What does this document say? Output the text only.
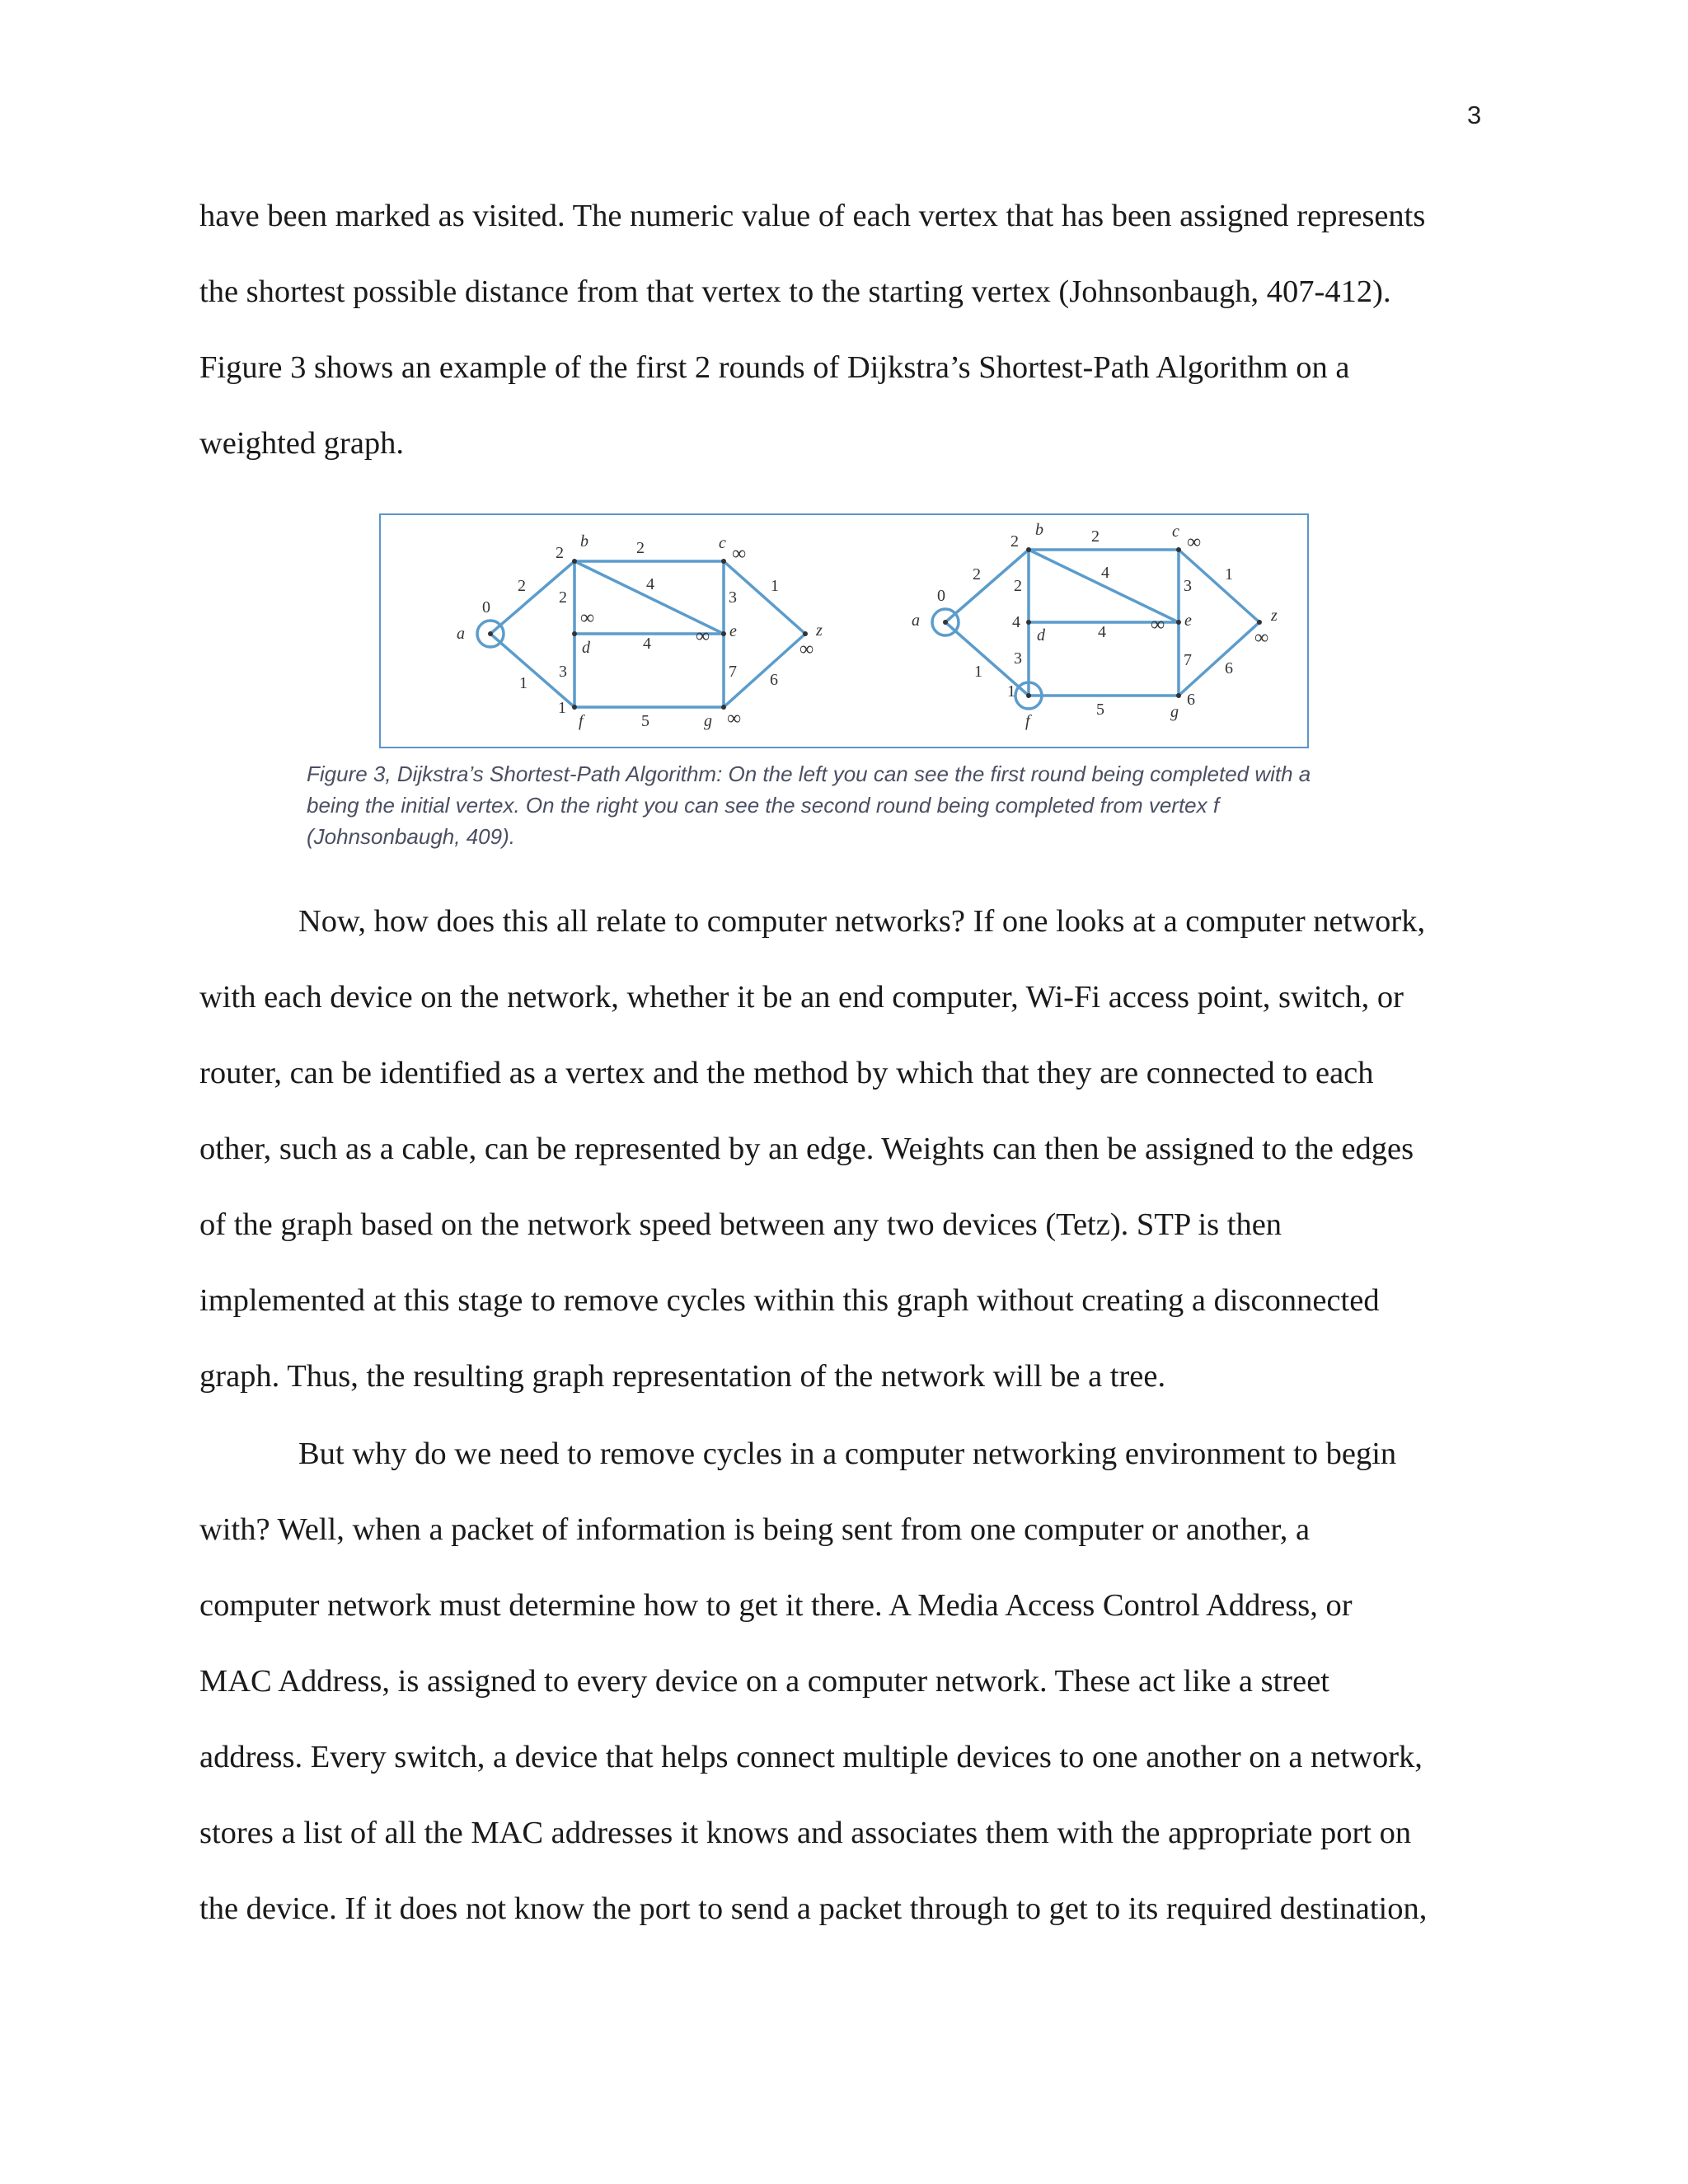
3
have been marked as visited. The numeric value of each vertex that has been assigned represents
the shortest possible distance from that vertex to the starting vertex (Johnsonbaugh, 407-412).
Figure 3 shows an example of the first 2 rounds of Dijkstra’s Shortest-Path Algorithm on a
weighted graph.
a
b	c
d
e
f	g
z
0
2	∞
∞
∞
1	∞
∞
2
2
1
2
4
3
3
4
1
7
5
6
a
b	c
d
e
f	g
z
0
2	∞
4	∞
1	6
∞
2
2
1
2
4
3
3
4
1
7
5
6
Figure 3, Dijkstra’s Shortest-Path Algorithm: On the left you can see the first round being completed with a
being the initial vertex. On the right you can see the second round being completed from vertex f
(Johnsonbaugh, 409).
Now, how does this all relate to computer networks? If one looks at a computer network,
with each device on the network, whether it be an end computer, Wi-Fi access point, switch, or
router, can be identified as a vertex and the method by which that they are connected to each
other, such as a cable, can be represented by an edge. Weights can then be assigned to the edges
of the graph based on the network speed between any two devices (Tetz). STP is then
implemented at this stage to remove cycles within this graph without creating a disconnected
graph. Thus, the resulting graph representation of the network will be a tree.
But why do we need to remove cycles in a computer networking environment to begin
with? Well, when a packet of information is being sent from one computer or another, a
computer network must determine how to get it there. A Media Access Control Address, or
MAC Address, is assigned to every device on a computer network. These act like a street
address. Every switch, a device that helps connect multiple devices to one another on a network,
stores a list of all the MAC addresses it knows and associates them with the appropriate port on
the device. If it does not know the port to send a packet through to get to its required destination,
